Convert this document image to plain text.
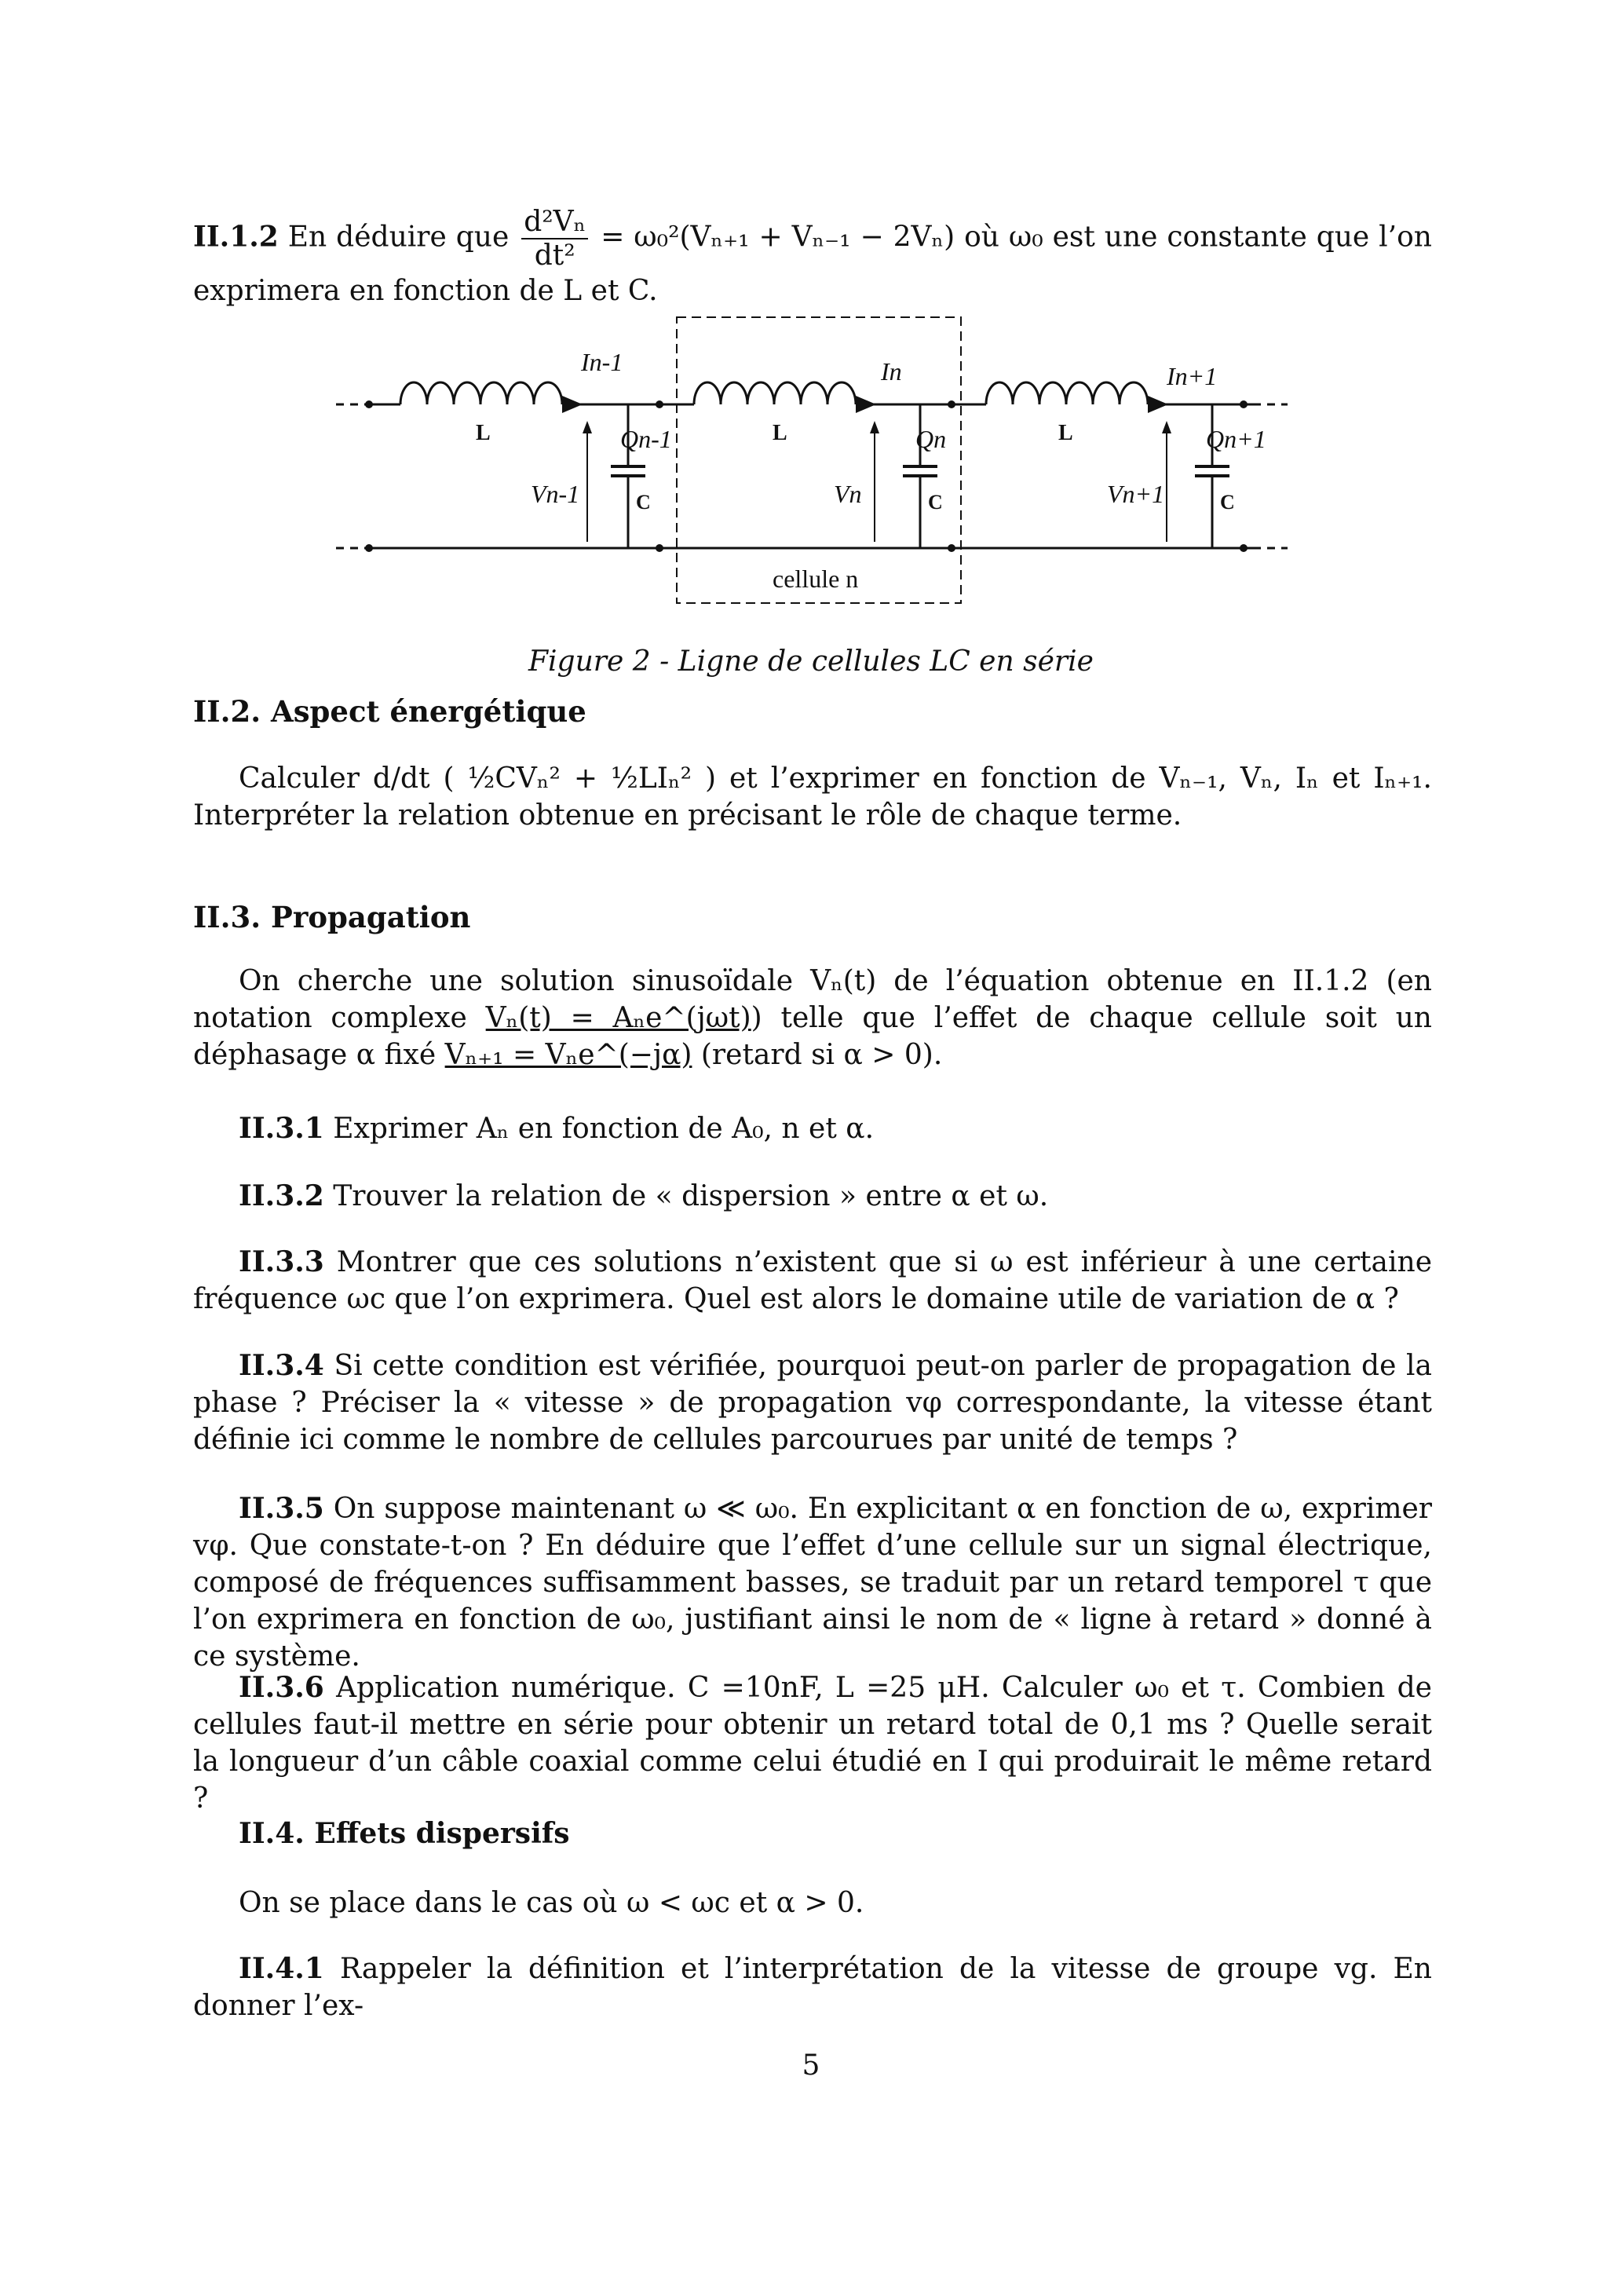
II.1.2 En déduire que $\frac{\text{d²Vₙ}}{\text{dt²}} = \omega_0^2(V_{n+1} + V_{n-1} - 2V_n)$ où ω₀ est une constante que l’on exprimera en fonction de L et C.
In-1	In	In+1
Qn-1	Qn	Qn+1
Vn-1	Vn	Vn+1
L	L	L
C	C	C
cellule n
Figure 2 - Ligne de cellules LC en série
II.2. Aspect énergétique
Calculer d/dt ( ½CVₙ² + ½LIₙ² ) et l’exprimer en fonction de Vₙ₋₁, Vₙ, Iₙ et Iₙ₊₁. Interpréter la relation obtenue en précisant le rôle de chaque terme.
II.3. Propagation
On cherche une solution sinusoïdale Vₙ(t) de l’équation obtenue en II.1.2 (en notation complexe Vₙ(t) = Aₙe^(jωt)) telle que l’effet de chaque cellule soit un déphasage α fixé Vₙ₊₁ = Vₙe^(−jα) (retard si α > 0).
II.3.1 Exprimer Aₙ en fonction de A₀, n et α.
II.3.2 Trouver la relation de « dispersion » entre α et ω.
II.3.3 Montrer que ces solutions n’existent que si ω est inférieur à une certaine fréquence ωc que l’on exprimera. Quel est alors le domaine utile de variation de α ?
II.3.4 Si cette condition est vérifiée, pourquoi peut-on parler de propagation de la phase ? Préciser la « vitesse » de propagation vφ correspondante, la vitesse étant définie ici comme le nombre de cellules parcourues par unité de temps ?
II.3.5 On suppose maintenant ω ≪ ω₀. En explicitant α en fonction de ω, exprimer vφ. Que constate-t-on ? En déduire que l’effet d’une cellule sur un signal électrique, composé de fréquences suffisamment basses, se traduit par un retard temporel τ que l’on exprimera en fonction de ω₀, justifiant ainsi le nom de « ligne à retard » donné à ce système.
II.3.6 Application numérique. C =10nF, L =25 μH. Calculer ω₀ et τ. Combien de cellules faut-il mettre en série pour obtenir un retard total de 0,1 ms ? Quelle serait la longueur d’un câble coaxial comme celui étudié en I qui produirait le même retard ?
II.4. Effets dispersifs
On se place dans le cas où ω < ωc et α > 0.
II.4.1 Rappeler la définition et l’interprétation de la vitesse de groupe vg. En donner l’ex-
5
